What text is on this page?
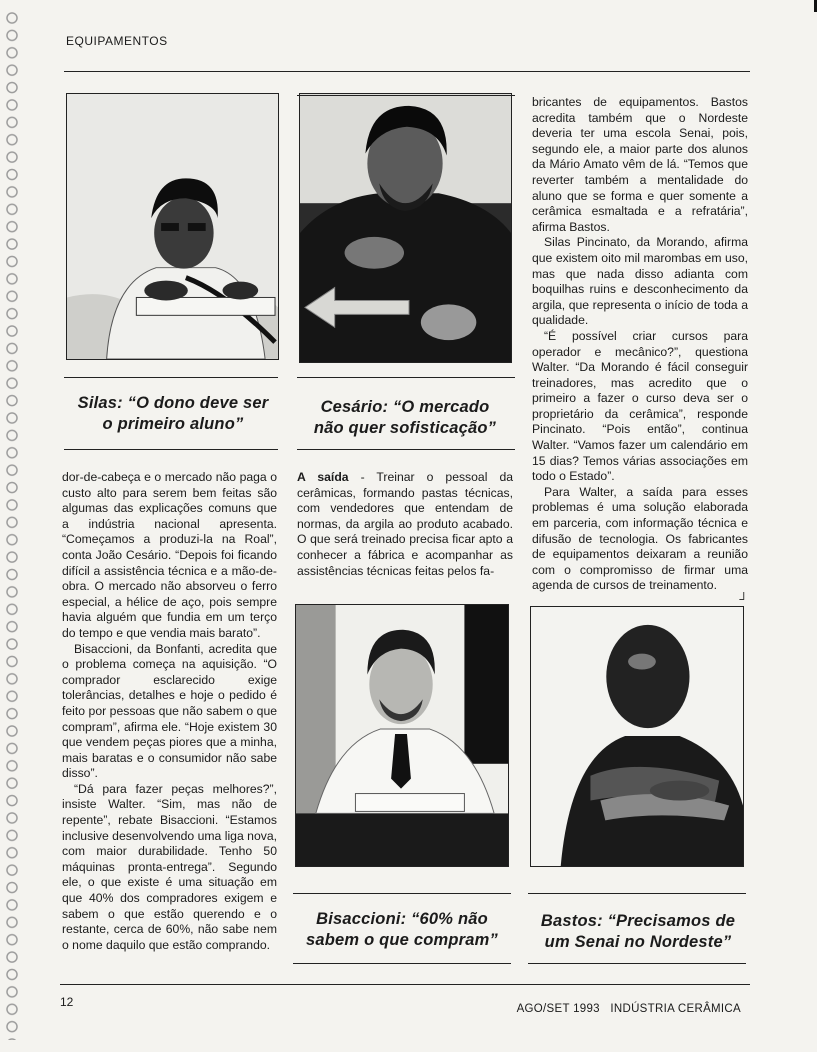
EQUIPAMENTOS
Silas: “O dono deve ser
o primeiro aluno”
Cesário: “O mercado
não quer sofisticação”

bricantes de equipamentos. Bastos acredita também que o Nordeste deveria ter uma escola Senai, pois, segundo ele, a maior parte dos alunos da Mário Amato vêm de lá. “Temos que reverter também a mentalidade do aluno que se forma e quer somente a cerâmica esmaltada e a refratária”, afirma Bastos.

Silas Pincinato, da Morando, afirma que existem oito mil marombas em uso, mas que nada disso adianta com boquilhas ruins e desconhecimento da argila, que representa o início de toda a qualidade.

“É possível criar cursos para operador e mecânico?”, questiona Walter. “Da Morando é fácil conseguir treinadores, mas acredito que o primeiro a fazer o curso deva ser o proprietário da cerâmica”, responde Pincinato. “Pois então”, continua Walter. “Vamos fazer um calendário em 15 dias? Temos várias associações em todo o Estado”.

Para Walter, a saída para esses problemas é uma solução elaborada em parceria, com informação técnica e difusão de tecnologia. Os fabricantes de equipamentos deixaram a reunião com o compromisso de firmar uma agenda de cursos de treinamento.

┘

dor-de-cabeça e o mercado não paga o custo alto para serem bem feitas são algumas das explicações comuns que a indústria nacional apresenta. “Começamos a produzi-la na Roal”, conta João Cesário. “Depois foi ficando difícil a assistência técnica e a mão-de-obra. O mercado não absorveu o ferro especial, a hélice de aço, pois sempre havia alguém que fundia em um terço do tempo e que vendia mais barato”.

Bisaccioni, da Bonfanti, acredita que o problema começa na aquisição. “O comprador esclarecido exige tolerâncias, detalhes e hoje o pedido é feito por pessoas que não sabem o que compram”, afirma ele. “Hoje existem 30 que vendem peças piores que a minha, mais baratas e o consumidor não sabe disso”.

“Dá para fazer peças melhores?”, insiste Walter. “Sim, mas não de repente”, rebate Bisaccioni. “Estamos inclusive desenvolvendo uma liga nova, com maior durabilidade. Tenho 50 máquinas pronta-entrega”. Segundo ele, o que existe é uma situação em que 40% dos compradores exigem e sabem o que estão querendo e o restante, cerca de 60%, não sabe nem o nome daquilo que estão comprando.

A saída - Treinar o pessoal da cerâmicas, formando pastas técnicas, com vendedores que entendam de normas, da argila ao produto acabado. O que será treinado precisa ficar apto a conhecer a fábrica e acompanhar as assistências técnicas feitas pelos fa-

Bisaccioni: “60% não
sabem o que compram”
Bastos: “Precisamos de
um Senai no Nordeste”
12	AGO/SET 1993 INDÚSTRIA CERÂMICA
